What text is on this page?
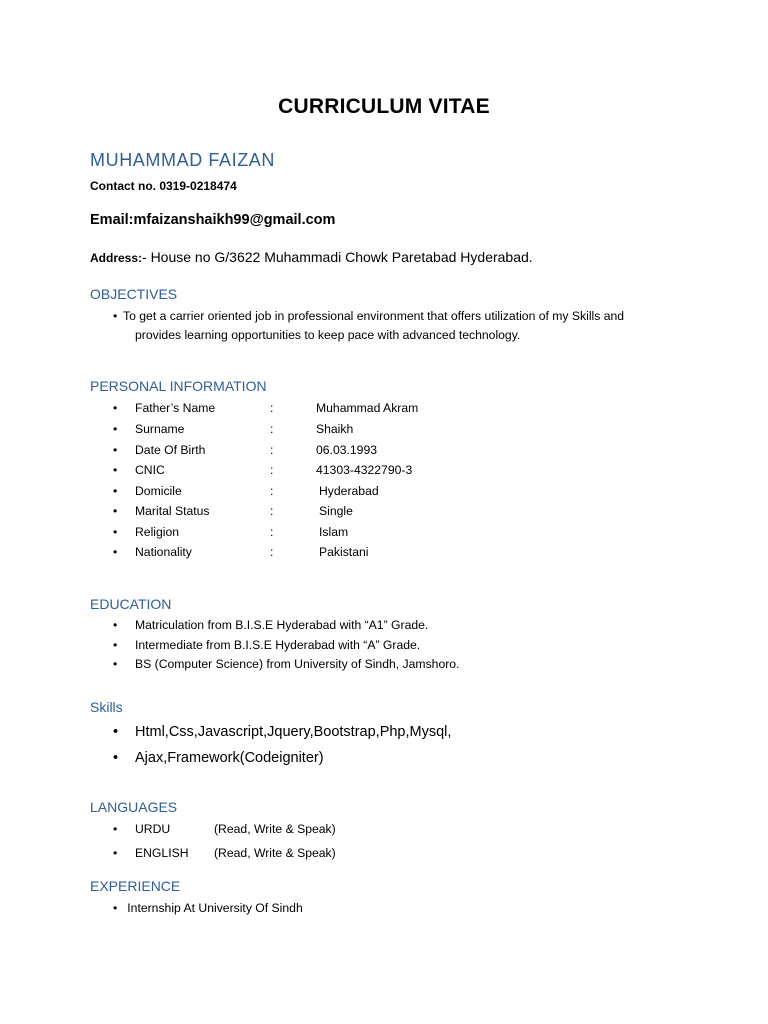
CURRICULUM VITAE
MUHAMMAD FAIZAN
Contact no. 0319-0218474
Email:mfaizanshaikh99@gmail.com
Address:- House no G/3622 Muhammadi Chowk Paretabad Hyderabad.
OBJECTIVES
• To get a carrier oriented job in professional environment that offers utilization of my Skills and
provides learning opportunities to keep pace with advanced technology.
PERSONAL INFORMATION
• Father’s Name	:	Muhammad Akram
• Surname	:	Shaikh
• Date Of Birth	:	06.03.1993
• CNIC	:	41303-4322790-3
• Domicile	:	Hyderabad
• Marital Status	:	Single
• Religion	:	Islam
• Nationality	:	Pakistani
EDUCATION
• Matriculation from B.I.S.E Hyderabad with “A1” Grade.
• Intermediate from B.I.S.E Hyderabad with “A” Grade.
• BS (Computer Science) from University of Sindh, Jamshoro.
Skills
• Html,Css,Javascript,Jquery,Bootstrap,Php,Mysql,
• Ajax,Framework(Codeigniter)
LANGUAGES
• URDU	(Read, Write & Speak)
• ENGLISH (Read, Write & Speak)
EXPERIENCE
• Internship At University Of Sindh
